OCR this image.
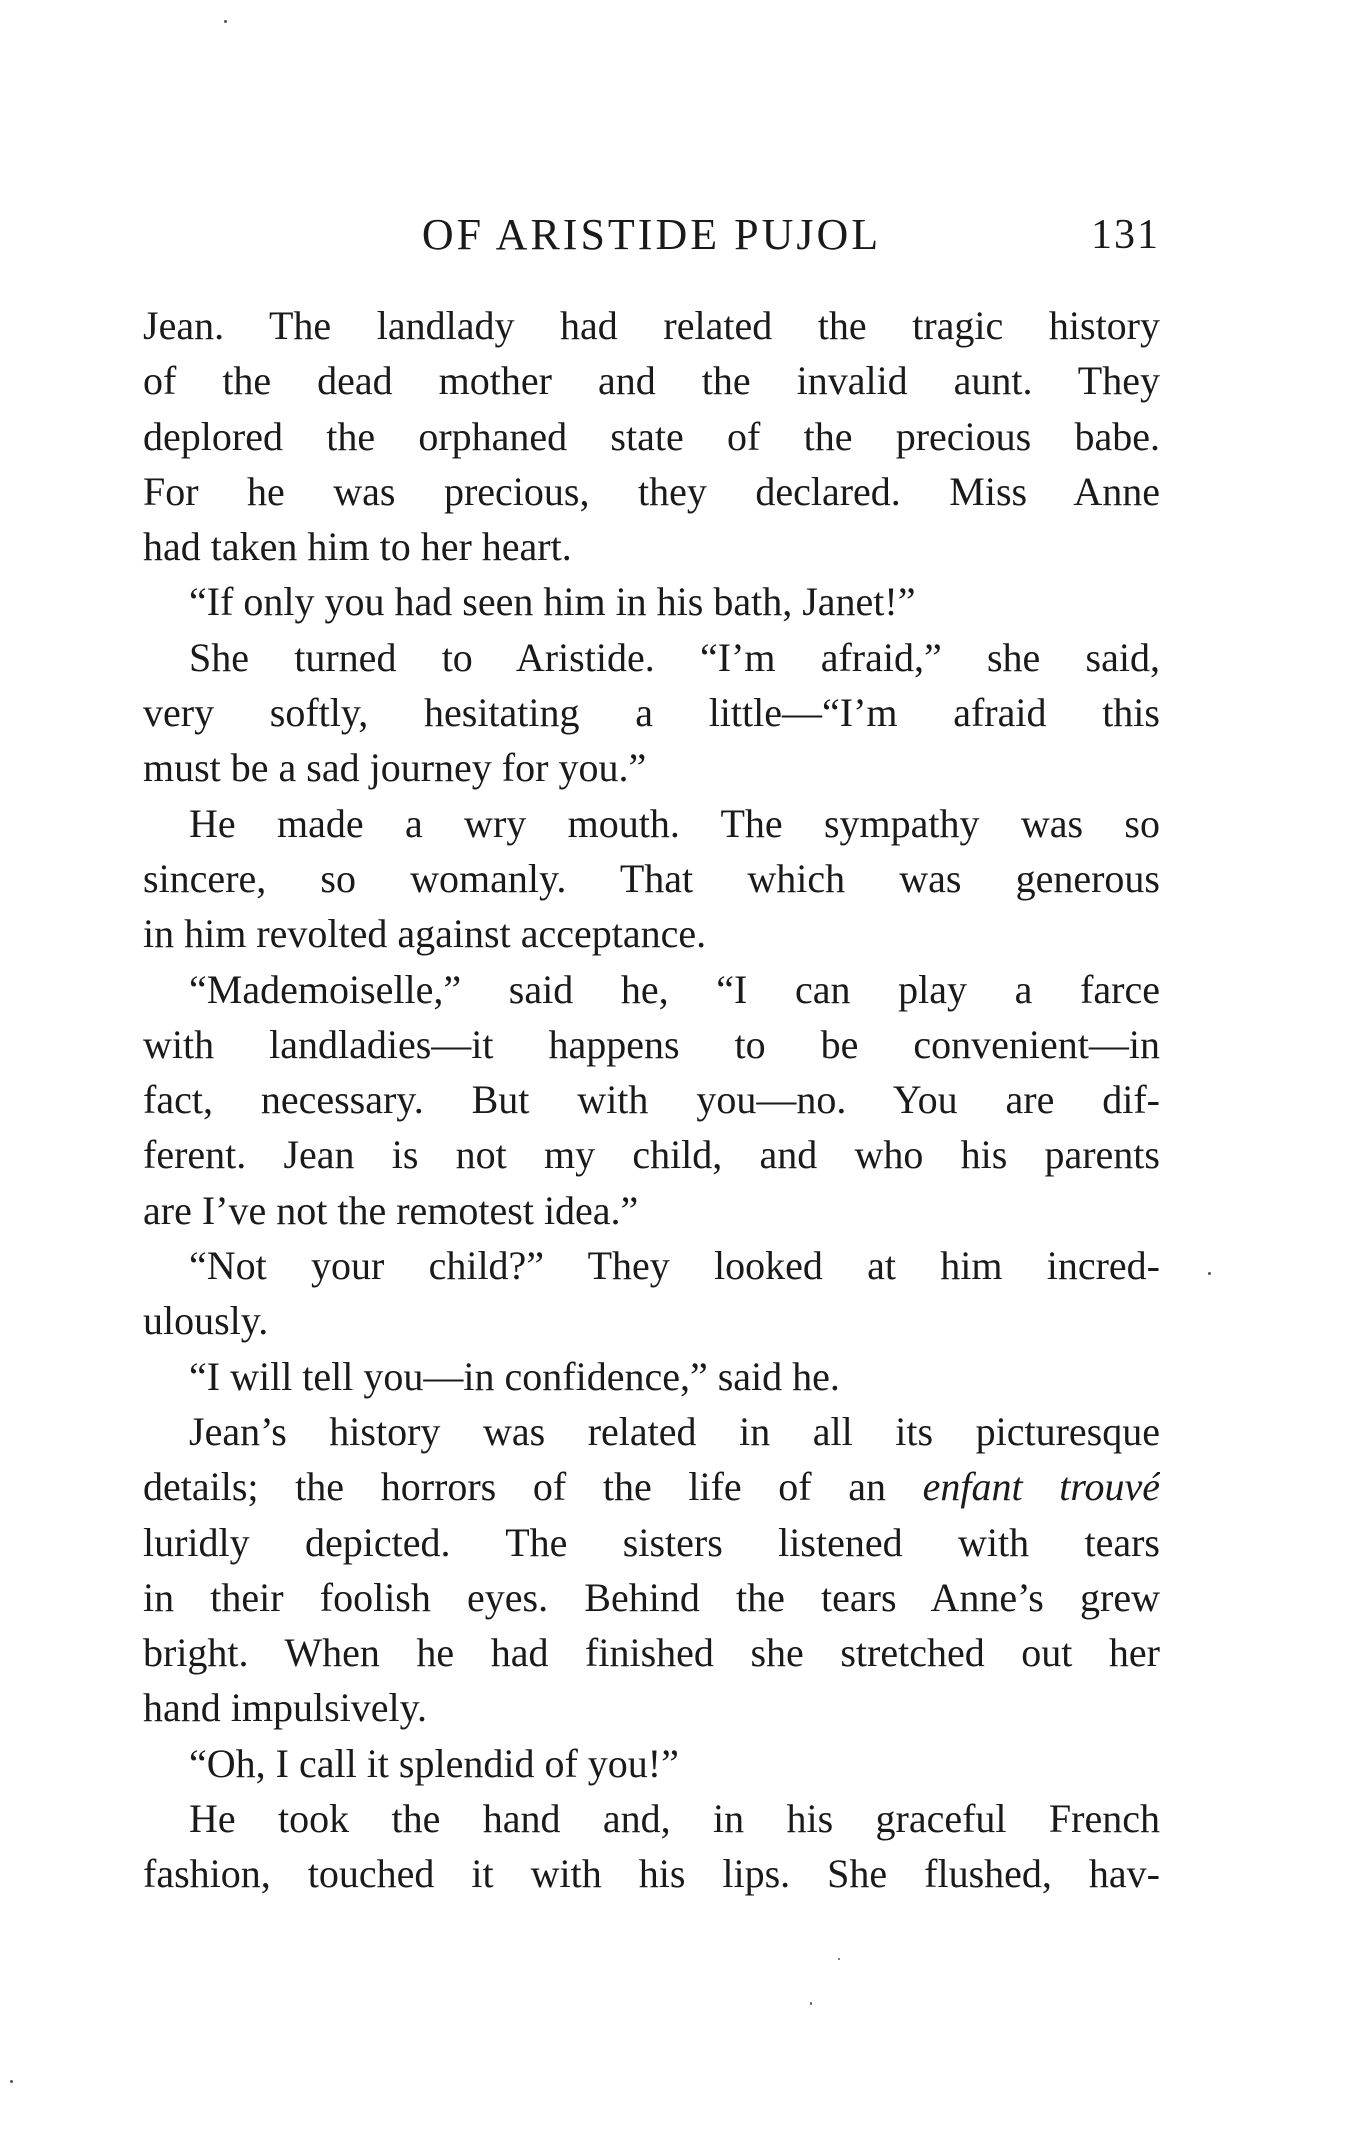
OF ARISTIDE PUJOL	131
Jean. The landlady had related the tragic history
of the dead mother and the invalid aunt. They
deplored the orphaned state of the precious babe.
For he was precious, they declared. Miss Anne
had taken him to her heart.
“If only you had seen him in his bath, Janet!”
She turned to Aristide. “I’m afraid,” she said,
very softly, hesitating a little—“I’m afraid this
must be a sad journey for you.”
He made a wry mouth. The sympathy was so
sincere, so womanly. That which was generous
in him revolted against acceptance.
“Mademoiselle,” said he, “I can play a farce
with landladies—it happens to be convenient—in
fact, necessary. But with you—no. You are dif-
ferent. Jean is not my child, and who his parents
are I’ve not the remotest idea.”
“Not your child?” They looked at him incred-
ulously.
“I will tell you—in confidence,” said he.
Jean’s history was related in all its picturesque
details; the horrors of the life of an enfant trouvé
luridly depicted. The sisters listened with tears
in their foolish eyes. Behind the tears Anne’s grew
bright. When he had finished she stretched out her
hand impulsively.
“Oh, I call it splendid of you!”
He took the hand and, in his graceful French
fashion, touched it with his lips. She flushed, hav-
